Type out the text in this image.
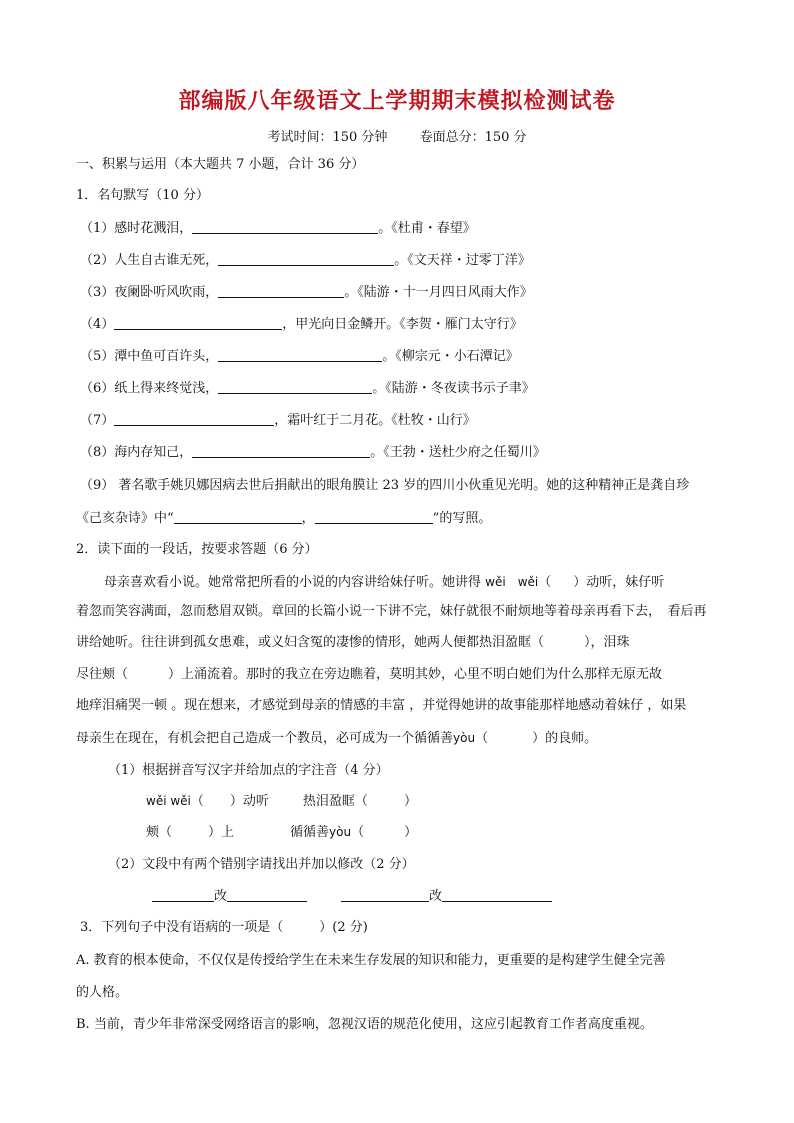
部编版八年级语文上学期期末模拟检测试卷
考试时间：150 分钟 卷面总分：150 分
一、积累与运用（本大题共 7 小题，合计 36 分）
1．名句默写（10 分）
（1）感时花溅泪，	。《杜甫・春望》
（2）人生自古谁无死，	。《文天祥・过零丁洋》
（3）夜阑卧听风吹雨，	。《陆游・十一月四日风雨大作》
（4）	，甲光向日金鳞开。《李贺・雁门太守行》
（5）潭中鱼可百许头，	。《柳宗元・小石潭记》
（6）纸上得来终觉浅，	。《陆游・冬夜读书示子聿》
（7）	，霜叶红于二月花。《杜牧・山行》
（8）海内存知己，	。《王勃・送杜少府之任蜀川》
（9） 著名歌手姚贝娜因病去世后捐献出的眼角膜让 23 岁的四川小伙重见光明。她的这种精神正是龚自珍
《己亥杂诗》中“	，	”的写照。
2．读下面的一段话，按要求答题（6 分）
母亲喜欢看小说。她常常把所看的小说的内容讲给妹仔听。她讲得 wěi　wěi（ ）动听，妹仔听
着忽而笑容满面，忽而愁眉双锁。章回的长篇小说一下讲不完，妹仔就很不耐烦地等着母亲再看下去，　看后再
讲给她听。往往讲到孤女患难，或义妇含冤的凄惨的情形，她两人便都热泪盈眶（	），泪珠
尽往颊（	）上涌流着。那时的我立在旁边瞧着，莫明其妙，心里不明白她们为什么那样无原无故
地痒泪痛哭一顿 。现在想来，才感觉到母亲的情感的丰富 ，并觉得她讲的故事能那样地感动着妹仔 ，如果
母亲生在现在，有机会把自己造成一个教员，必可成为一个循循善yòu（	）的良师。
（1）根据拼音写汉字并给加点的字注音（4 分）
wěi wěi（ ）动听	热泪盈眶（	）
颊（	）上	循循善yòu（	）
（2）文段中有两个错别字请找出并加以修改（2 分）
改	改
3．下列句子中没有语病的一项是（	）(2 分)
A. 教育的根本使命，不仅仅是传授给学生在未来生存发展的知识和能力，更重要的是构建学生健全完善
的人格。
B. 当前，青少年非常深受网络语言的影响，忽视汉语的规范化使用，这应引起教育工作者高度重视。
